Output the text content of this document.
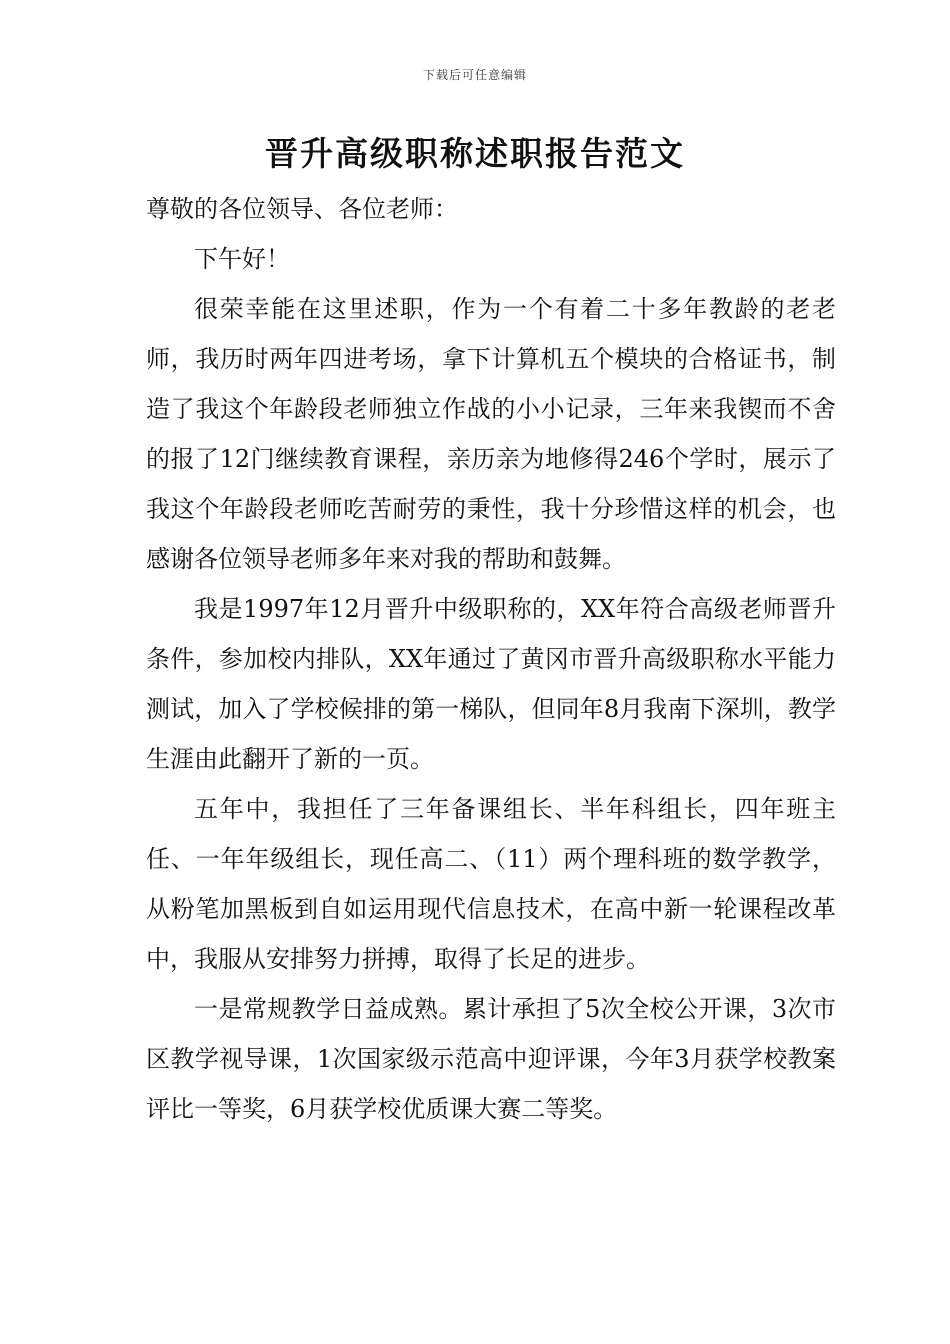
下载后可任意编辑
晋升高级职称述职报告范文

尊敬的各位领导、各位老师：

下午好！

很荣幸能在这里述职，作为一个有着二十多年教龄的老老师，我历时两年四进考场，拿下计算机五个模块的合格证书，制造了我这个年龄段老师独立作战的小小记录，三年来我锲而不舍的报了12门继续教育课程，亲历亲为地修得246个学时，展示了我这个年龄段老师吃苦耐劳的秉性，我十分珍惜这样的机会，也感谢各位领导老师多年来对我的帮助和鼓舞。

我是1997年12月晋升中级职称的，XX年符合高级老师晋升条件，参加校内排队，XX年通过了黄冈市晋升高级职称水平能力测试，加入了学校候排的第一梯队，但同年8月我南下深圳，教学生涯由此翻开了新的一页。

五年中，我担任了三年备课组长、半年科组长，四年班主任、一年年级组长，现任高二、（11）两个理科班的数学教学，从粉笔加黑板到自如运用现代信息技术，在高中新一轮课程改革中，我服从安排努力拼搏，取得了长足的进步。

一是常规教学日益成熟。累计承担了5次全校公开课，3次市区教学视导课，1次国家级示范高中迎评课，今年3月获学校教案评比一等奖，6月获学校优质课大赛二等奖。
